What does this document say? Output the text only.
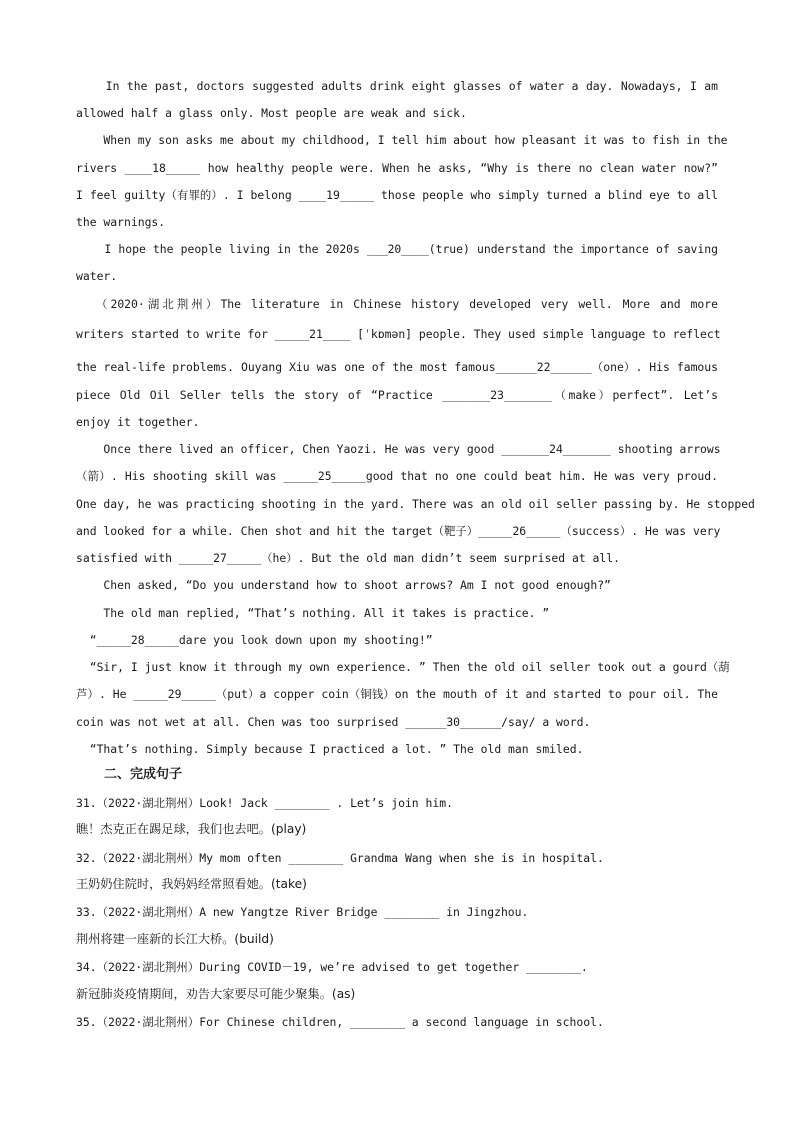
In the past, doctors suggested adults drink eight glasses of water a day. Nowadays, I am
allowed half a glass only. Most people are weak and sick.
When my son asks me about my childhood, I tell him about how pleasant it was to fish in the
rivers ____18_____ how healthy people were. When he asks, “Why is there no clean water now?”
I feel guilty（有罪的）. I belong ____19_____ those people who simply turned a blind eye to all
the warnings.
I hope the people living in the 2020s ___20____(true) understand the importance of saving
water.
（2020·湖北荆州）The literature in Chinese history developed very well. More and more
writers started to write for _____21____ [ˈkɒmən] people. They used simple language to reflect
the real-life problems. Ouyang Xiu was one of the most famous______22______（one）. His famous
piece Old Oil Seller tells the story of “Practice _______23_______（make）perfect”. Let’s
enjoy it together.
Once there lived an officer, Chen Yaozi. He was very good _______24_______ shooting arrows
（箭）. His shooting skill was _____25_____good that no one could beat him. He was very proud.
One day, he was practicing shooting in the yard. There was an old oil seller passing by. He stopped
and looked for a while. Chen shot and hit the target（靶子）_____26_____（success）. He was very
satisfied with _____27_____（he）. But the old man didn’t seem surprised at all.
Chen asked, “Do you understand how to shoot arrows? Am I not good enough?”
The old man replied, “That’s nothing. All it takes is practice. ”
“_____28_____dare you look down upon my shooting!”
“Sir, I just know it through my own experience. ” Then the old oil seller took out a gourd（葫
芦）. He _____29_____（put）a copper coin（铜钱）on the mouth of it and started to pour oil. The
coin was not wet at all. Chen was too surprised ______30______/say/ a word.
“That’s nothing. Simply because I practiced a lot. ” The old man smiled.
二、完成句子
31.（2022·湖北荆州）Look! Jack ________ . Let’s join him.
瞧！杰克正在踢足球，我们也去吧。(play)
32.（2022·湖北荆州）My mom often ________ Grandma Wang when she is in hospital.
王奶奶住院时，我妈妈经常照看她。(take)
33.（2022·湖北荆州）A new Yangtze River Bridge ________ in Jingzhou.
荆州将建一座新的长江大桥。(build)
34.（2022·湖北荆州）During COVID－19, we’re advised to get together ________.
新冠肺炎疫情期间，劝告大家要尽可能少聚集。(as)
35.（2022·湖北荆州）For Chinese children, ________ a second language in school.
